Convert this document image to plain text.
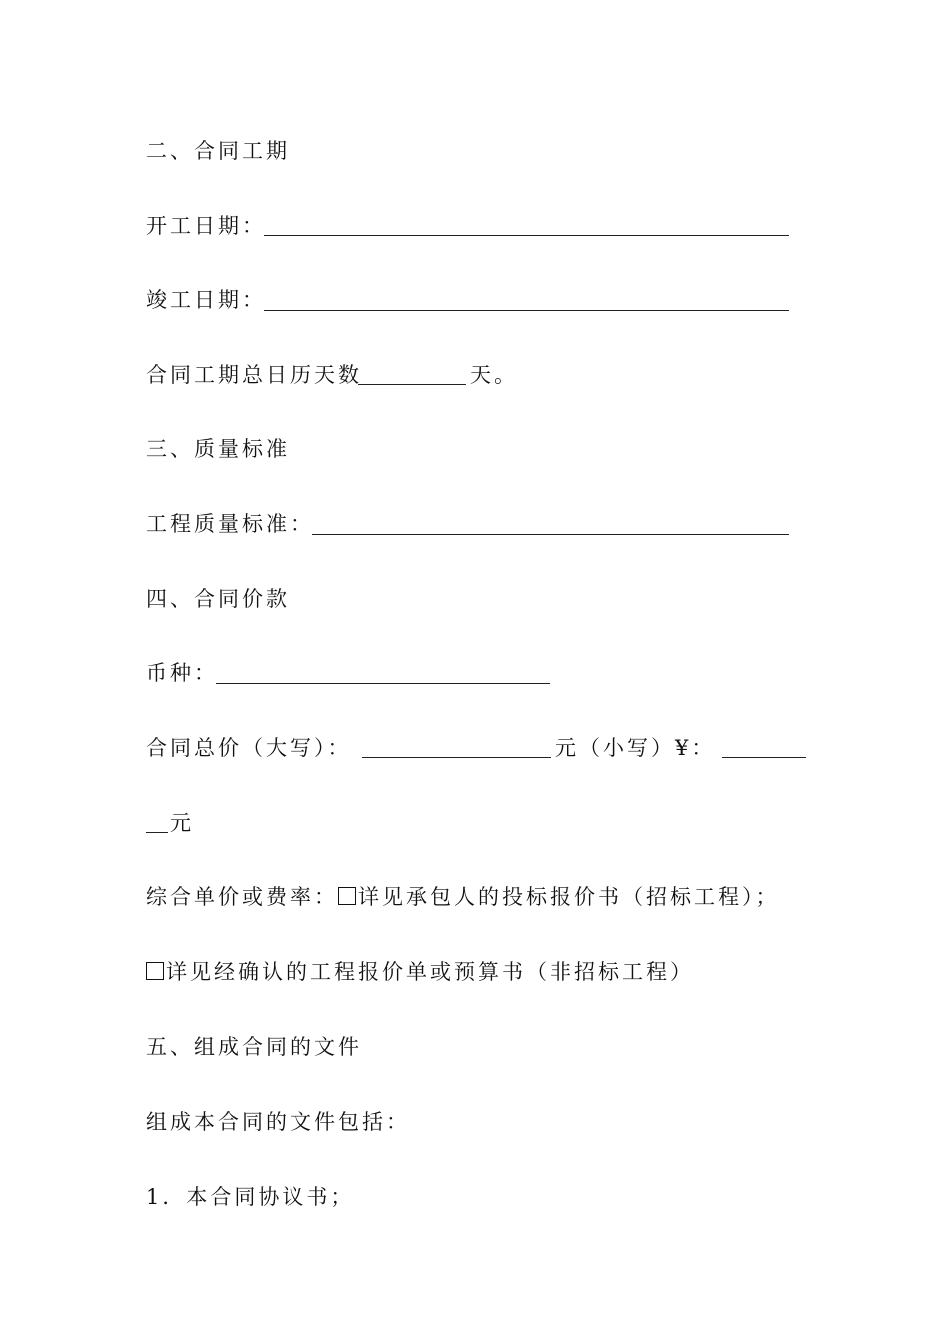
二、合同工期
开工日期：
竣工日期：
合同工期总日历天数	天。
三、质量标准
工程质量标准：
四、合同价款
币种：
合同总价（大写）：	元（小写）¥：
元
综合单价或费率： 详见承包人的投标报价书（招标工程）；
详见经确认的工程报价单或预算书（非招标工程）
五、组成合同的文件
组成本合同的文件包括：
1．本合同协议书；
